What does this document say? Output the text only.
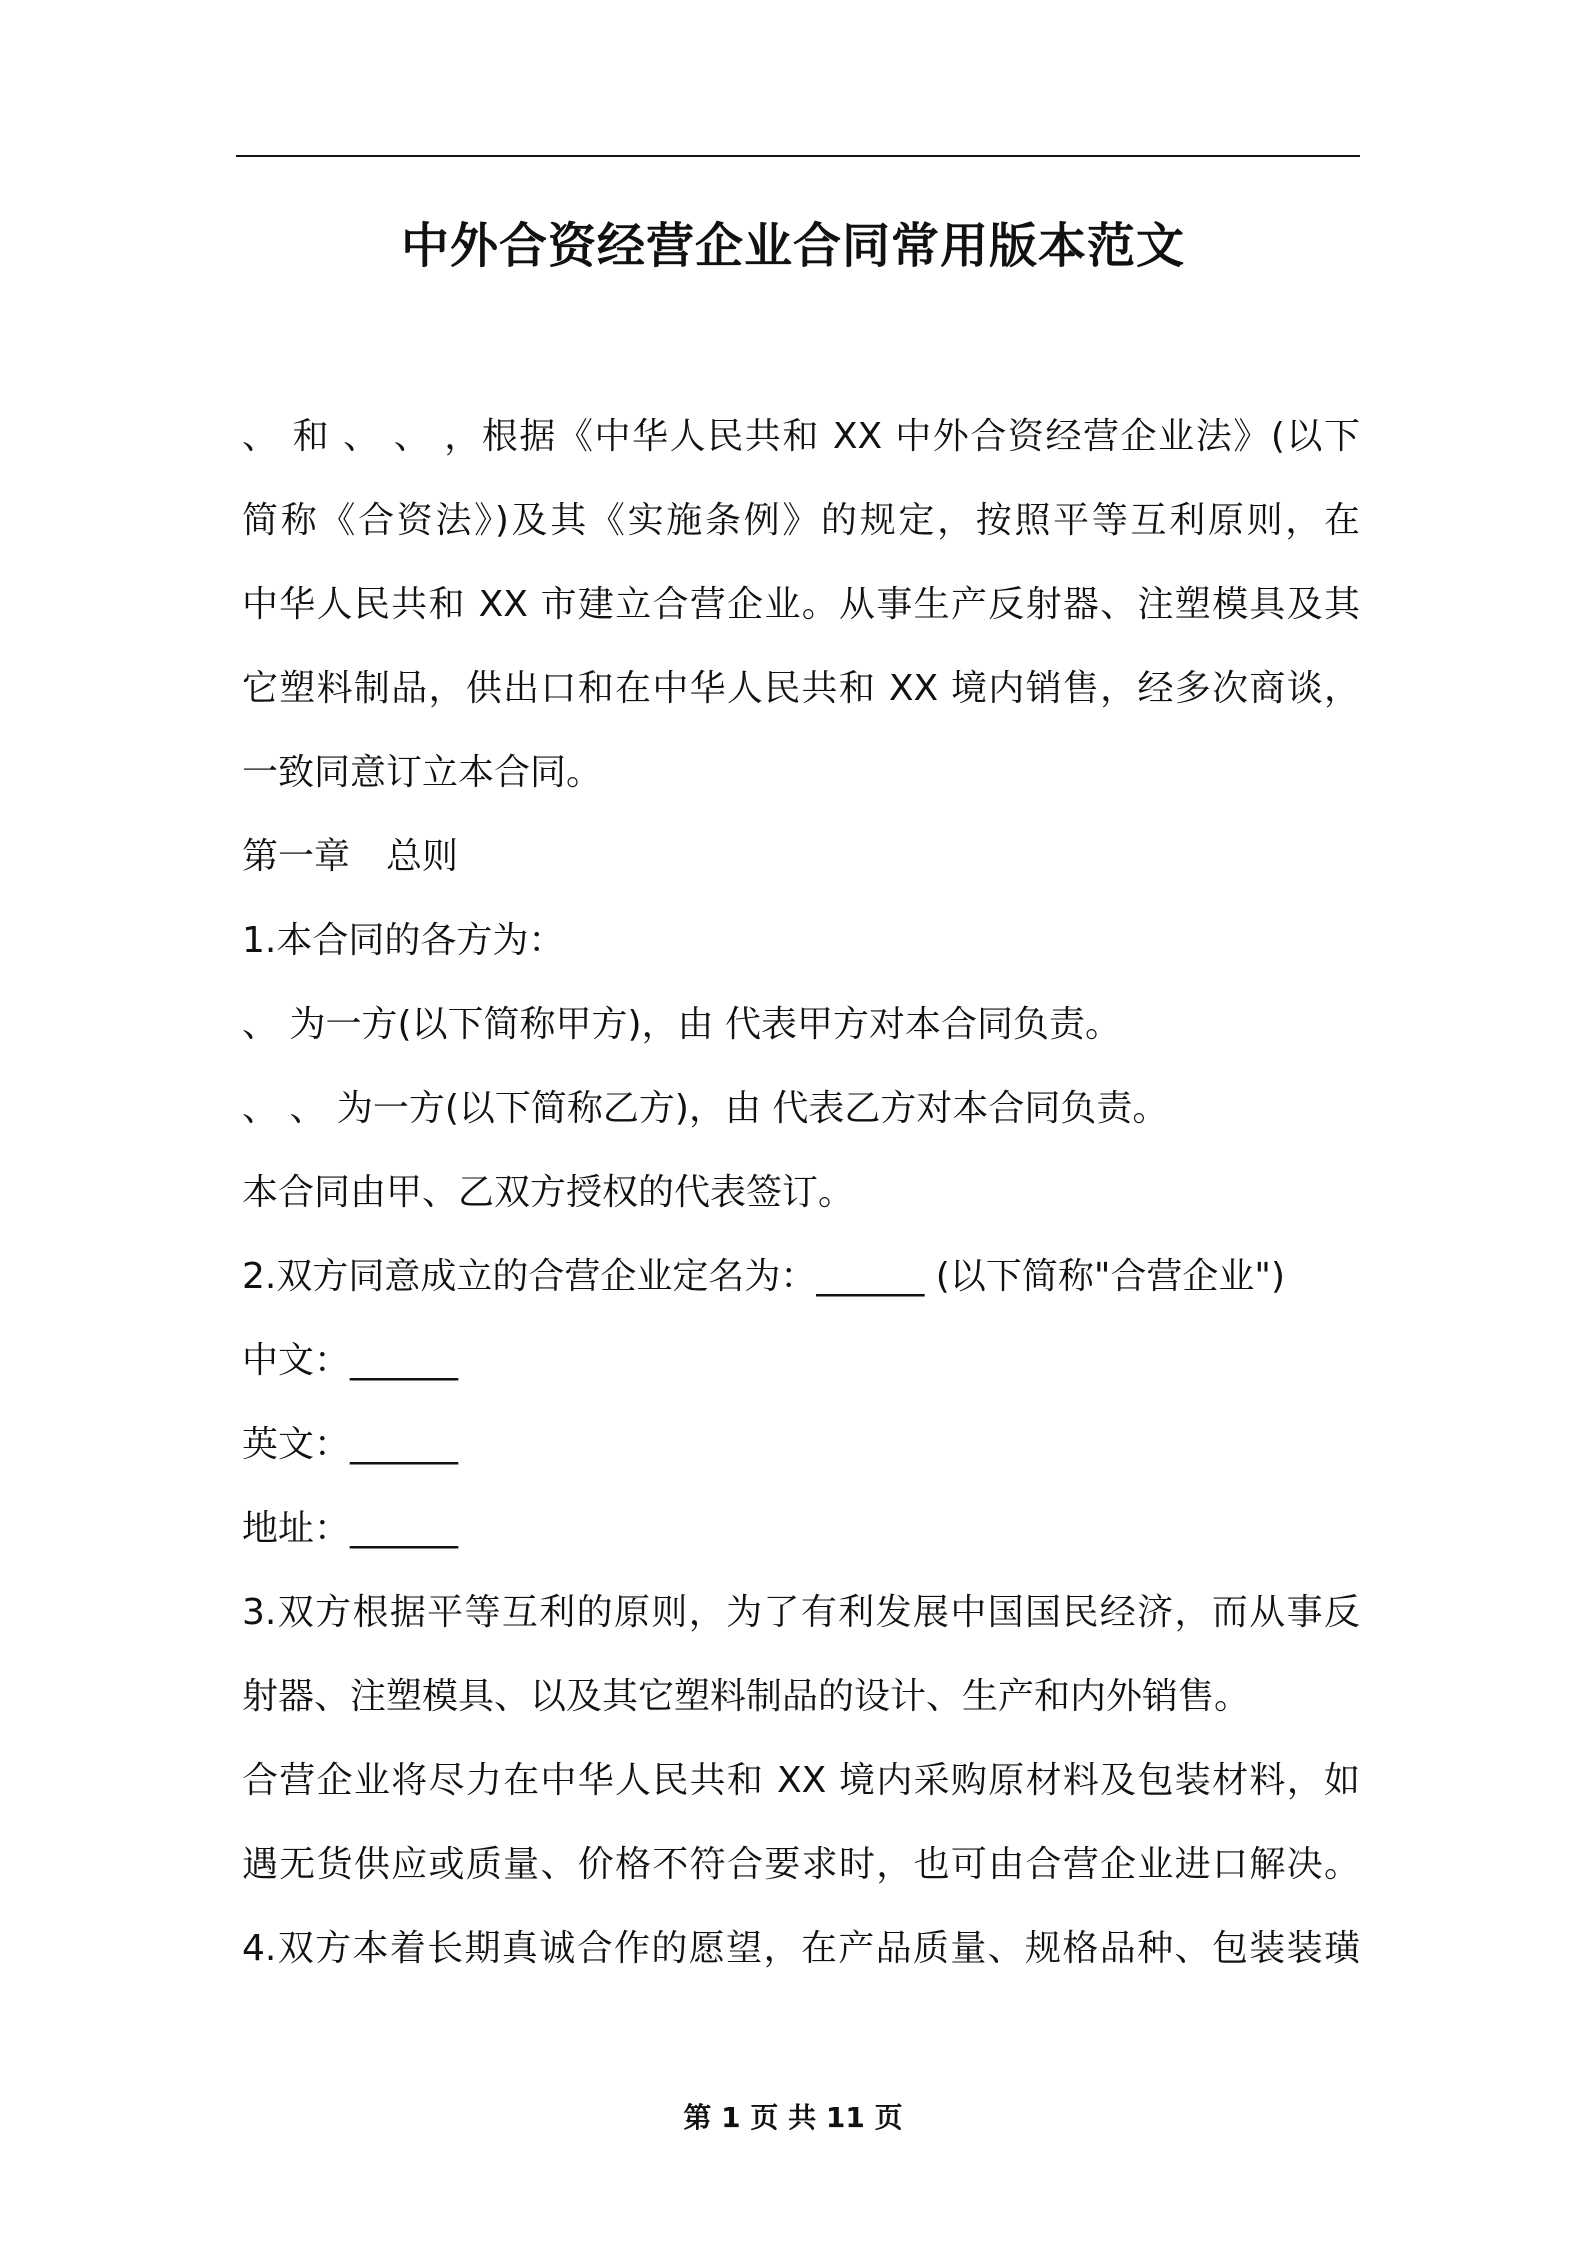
中外合资经营企业合同常用版本范文
、 和 、 、 ，根据《中华人民共和 XX 中外合资经营企业法》(以下
简称《合资法》)及其《实施条例》的规定，按照平等互利原则，在
中华人民共和 XX 市建立合营企业。从事生产反射器、注塑模具及其
它塑料制品，供出口和在中华人民共和 XX 境内销售，经多次商谈，
一致同意订立本合同。
第一章　总则
1.本合同的各方为：
、 为一方(以下简称甲方)，由 代表甲方对本合同负责。
、 、 为一方(以下简称乙方)，由 代表乙方对本合同负责。
本合同由甲、乙双方授权的代表签订。
2.双方同意成立的合营企业定名为：______ (以下简称"合营企业")
中文：______
英文：______
地址：______
3.双方根据平等互利的原则，为了有利发展中国国民经济，而从事反
射器、注塑模具、以及其它塑料制品的设计、生产和内外销售。
合营企业将尽力在中华人民共和 XX 境内采购原材料及包装材料，如
遇无货供应或质量、价格不符合要求时，也可由合营企业进口解决。
4.双方本着长期真诚合作的愿望，在产品质量、规格品种、包装装璜
第 1 页 共 11 页
